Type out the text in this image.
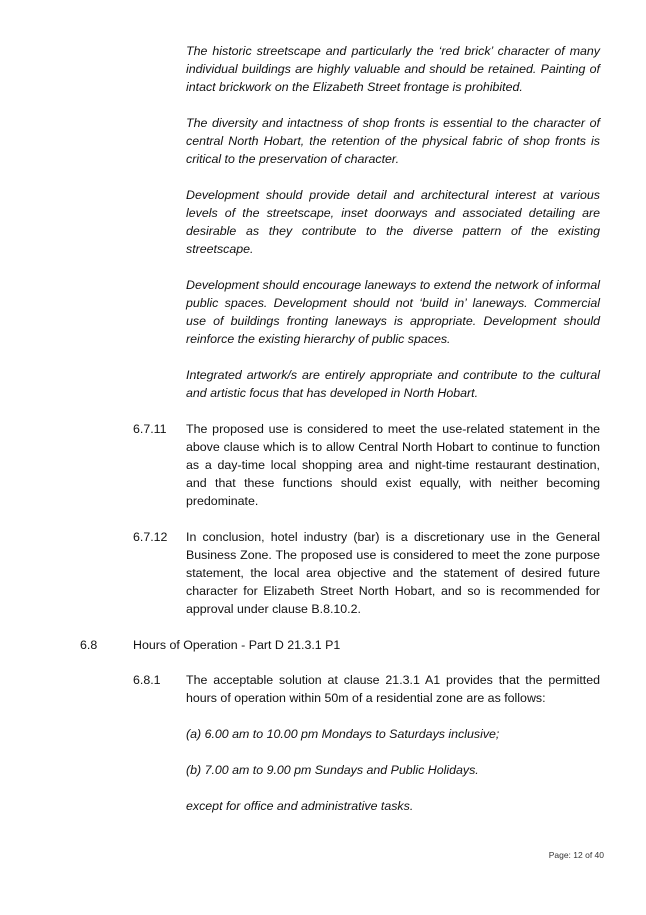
The historic streetscape and particularly the ‘red brick’ character of many individual buildings are highly valuable and should be retained. Painting of intact brickwork on the Elizabeth Street frontage is prohibited.

The diversity and intactness of shop fronts is essential to the character of central North Hobart, the retention of the physical fabric of shop fronts is critical to the preservation of character.

Development should provide detail and architectural interest at various levels of the streetscape, inset doorways and associated detailing are desirable as they contribute to the diverse pattern of the existing streetscape.

Development should encourage laneways to extend the network of informal public spaces. Development should not ‘build in’ laneways. Commercial use of buildings fronting laneways is appropriate. Development should reinforce the existing hierarchy of public spaces.

Integrated artwork/s are entirely appropriate and contribute to the cultural and artistic focus that has developed in North Hobart.

6.7.11 The proposed use is considered to meet the use-related statement in the above clause which is to allow Central North Hobart to continue to function as a day-time local shopping area and night-time restaurant destination, and that these functions should exist equally, with neither becoming predominate.

6.7.12 In conclusion, hotel industry (bar) is a discretionary use in the General Business Zone. The proposed use is considered to meet the zone purpose statement, the local area objective and the statement of desired future character for Elizabeth Street North Hobart, and so is recommended for approval under clause B.8.10.2.

6.8	Hours of Operation - Part D 21.3.1 P1

6.8.1 The acceptable solution at clause 21.3.1 A1 provides that the permitted hours of operation within 50m of a residential zone are as follows:

(a) 6.00 am to 10.00 pm Mondays to Saturdays inclusive;

(b) 7.00 am to 9.00 pm Sundays and Public Holidays.

except for office and administrative tasks.

Page: 12 of 40
